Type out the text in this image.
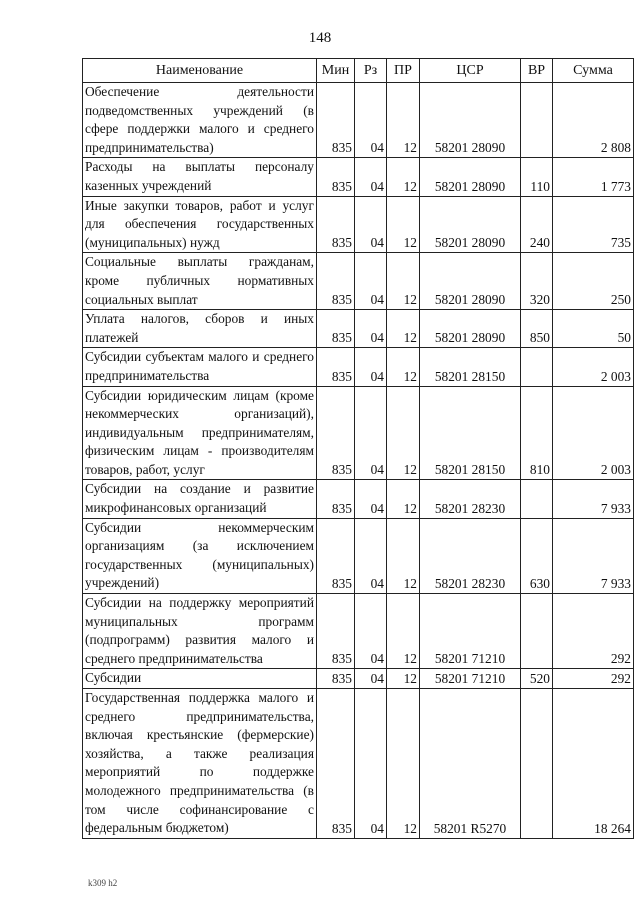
148
Наименование	Мин	Рз	ПР	ЦСР	ВР	Сумма
Обеспечение деятельности подведомственных учреждений (в сфере поддержки малого и среднего предпринимательства)	835	04	12	58201 28090		2 808
Расходы на выплаты персоналу казенных учреждений	835	04	12	58201 28090	110	1 773
Иные закупки товаров, работ и услуг для обеспечения государственных (муниципальных) нужд	835	04	12	58201 28090	240	735
Социальные выплаты гражданам, кроме публичных нормативных социальных выплат	835	04	12	58201 28090	320	250
Уплата налогов, сборов и иных платежей	835	04	12	58201 28090	850	50
Субсидии субъектам малого и среднего предпринимательства	835	04	12	58201 28150		2 003
Субсидии юридическим лицам (кроме некоммерческих организаций), индивидуальным предпринимателям, физическим лицам - производителям товаров, работ, услуг	835	04	12	58201 28150	810	2 003
Субсидии на создание и развитие микрофинансовых организаций	835	04	12	58201 28230		7 933
Субсидии некоммерческим организациям (за исключением государственных (муниципальных) учреждений)	835	04	12	58201 28230	630	7 933
Субсидии на поддержку мероприятий муниципальных программ (подпрограмм) развития малого и среднего предпринимательства	835	04	12	58201 71210		292
Субсидии	835	04	12	58201 71210	520	292
Государственная поддержка малого и среднего предпринимательства, включая крестьянские (фермерские) хозяйства, а также реализация мероприятий по поддержке молодежного предпринимательства (в том числе софинансирование с федеральным бюджетом)	835	04	12	58201 R5270		18 264
k309 h2
